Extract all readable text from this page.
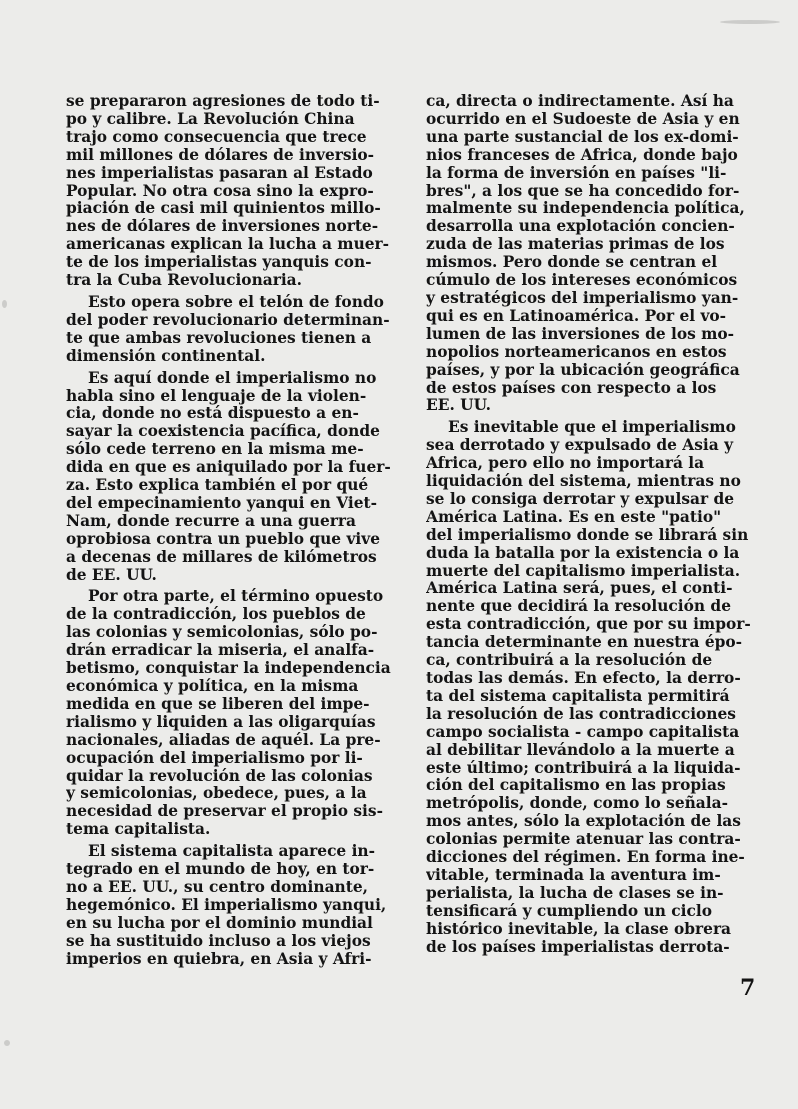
se prepararon agresiones de todo ti-
po y calibre. La Revolución China
trajo como consecuencia que trece
mil millones de dólares de inversio-
nes imperialistas pasaran al Estado
Popular. No otra cosa sino la expro-
piación de casi mil quinientos millo-
nes de dólares de inversiones norte-
americanas explican la lucha a muer-
te de los imperialistas yanquis con-
tra la Cuba Revolucionaria.
Esto opera sobre el telón de fondo
del poder revolucionario determinan-
te que ambas revoluciones tienen a
dimensión continental.
Es aquí donde el imperialismo no
habla sino el lenguaje de la violen-
cia, donde no está dispuesto a en-
sayar la coexistencia pacífica, donde
sólo cede terreno en la misma me-
dida en que es aniquilado por la fuer-
za. Esto explica también el por qué
del empecinamiento yanqui en Viet-
Nam, donde recurre a una guerra
oprobiosa contra un pueblo que vive
a decenas de millares de kilómetros
de EE. UU.
Por otra parte, el término opuesto
de la contradicción, los pueblos de
las colonias y semicolonias, sólo po-
drán erradicar la miseria, el analfa-
betismo, conquistar la independencia
económica y política, en la misma
medida en que se liberen del impe-
rialismo y liquiden a las oligarquías
nacionales, aliadas de aquél. La pre-
ocupación del imperialismo por li-
quidar la revolución de las colonias
y semicolonias, obedece, pues, a la
necesidad de preservar el propio sis-
tema capitalista.
El sistema capitalista aparece in-
tegrado en el mundo de hoy, en tor-
no a EE. UU., su centro dominante,
hegemónico. El imperialismo yanqui,
en su lucha por el dominio mundial
se ha sustituido incluso a los viejos
imperios en quiebra, en Asia y Afri-
ca, directa o indirectamente. Así ha
ocurrido en el Sudoeste de Asia y en
una parte sustancial de los ex-domi-
nios franceses de Africa, donde bajo
la forma de inversión en países "li-
bres", a los que se ha concedido for-
malmente su independencia política,
desarrolla una explotación concien-
zuda de las materias primas de los
mismos. Pero donde se centran el
cúmulo de los intereses económicos
y estratégicos del imperialismo yan-
qui es en Latinoamérica. Por el vo-
lumen de las inversiones de los mo-
nopolios norteamericanos en estos
países, y por la ubicación geográfica
de estos países con respecto a los
EE. UU.
Es inevitable que el imperialismo
sea derrotado y expulsado de Asia y
Africa, pero ello no importará la
liquidación del sistema, mientras no
se lo consiga derrotar y expulsar de
América Latina. Es en este "patio"
del imperialismo donde se librará sin
duda la batalla por la existencia o la
muerte del capitalismo imperialista.
América Latina será, pues, el conti-
nente que decidirá la resolución de
esta contradicción, que por su impor-
tancia determinante en nuestra épo-
ca, contribuirá a la resolución de
todas las demás. En efecto, la derro-
ta del sistema capitalista permitirá
la resolución de las contradicciones
campo socialista - campo capitalista
al debilitar llevándolo a la muerte a
este último; contribuirá a la liquida-
ción del capitalismo en las propias
metrópolis, donde, como lo señala-
mos antes, sólo la explotación de las
colonias permite atenuar las contra-
dicciones del régimen. En forma ine-
vitable, terminada la aventura im-
perialista, la lucha de clases se in-
tensificará y cumpliendo un ciclo
histórico inevitable, la clase obrera
de los países imperialistas derrota-
7
